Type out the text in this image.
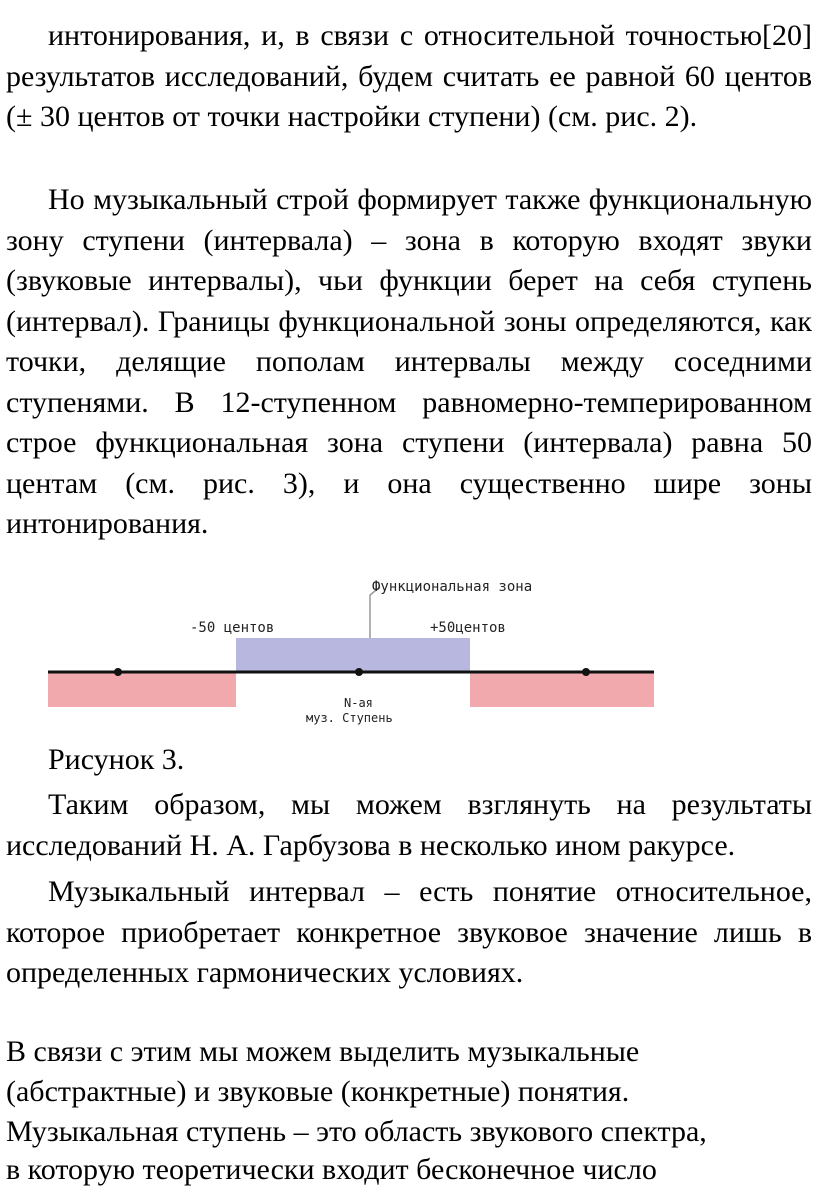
интонирования, и, в связи с относительной точностью[20] результатов исследований, будем считать ее равной 60 центов (± 30 центов от точки настройки ступени) (см. рис. 2).

Но музыкальный строй формирует также функциональную зону ступени (интервала) – зона в которую входят звуки (звуковые интервалы), чьи функции берет на себя ступень (интервал). Границы функциональной зоны определяются, как точки, делящие пополам интервалы между соседними ступенями. В 12-ступенном равномерно-темперированном строе функциональная зона ступени (интервала) равна 50 центам (см. рис. 3), и она существенно шире зоны интонирования.

Функциональная зона
-50 центов	+50центов
N-ая
муз. Ступень

Рисунок 3.

Таким образом, мы можем взглянуть на результаты исследований Н. А. Гарбузова в несколько ином ракурсе.

Музыкальный интервал – есть понятие относительное, которое приобретает конкретное звуковое значение лишь в определенных гармонических условиях.

В связи с этим мы можем выделить музыкальные

(абстрактные) и звуковые (конкретные) понятия.

Музыкальная ступень – это область звукового спектра,

в которую теоретически входит бесконечное число
